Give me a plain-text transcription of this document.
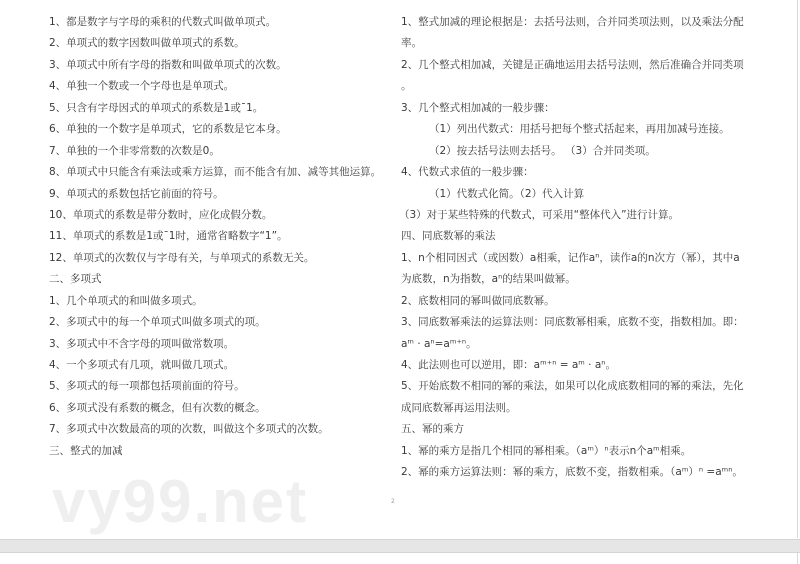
vy99.net
1、都是数字与字母的乘积的代数式叫做单项式。
2、单项式的数字因数叫做单项式的系数。
3、单项式中所有字母的指数和叫做单项式的次数。
4、单独一个数或一个字母也是单项式。
5、只含有字母因式的单项式的系数是1或ˉ1。
6、单独的一个数字是单项式，它的系数是它本身。
7、单独的一个非零常数的次数是0。
8、单项式中只能含有乘法或乘方运算，而不能含有加、减等其他运算。
9、单项式的系数包括它前面的符号。
10、单项式的系数是带分数时，应化成假分数。
11、单项式的系数是1或ˉ1时，通常省略数字“1”。
12、单项式的次数仅与字母有关，与单项式的系数无关。
二、多项式
1、几个单项式的和叫做多项式。
2、多项式中的每一个单项式叫做多项式的项。
3、多项式中不含字母的项叫做常数项。
4、一个多项式有几项，就叫做几项式。
5、多项式的每一项都包括项前面的符号。
6、多项式没有系数的概念，但有次数的概念。
7、多项式中次数最高的项的次数，叫做这个多项式的次数。
三、整式的加减
1、整式加减的理论根据是：去括号法则，合并同类项法则，以及乘法分配
率。
2、几个整式相加减，关键是正确地运用去括号法则，然后准确合并同类项
。
3、几个整式相加减的一般步骤：
（1）列出代数式：用括号把每个整式括起来，再用加减号连接。
（2）按去括号法则去括号。 （3）合并同类项。
4、代数式求值的一般步骤：
（1）代数式化简。（2）代入计算
（3）对于某些特殊的代数式，可采用“整体代入”进行计算。
四、同底数幂的乘法
1、n个相同因式（或因数）a相乘，记作aⁿ，读作a的n次方（幂），其中a
为底数，n为指数，aⁿ的结果叫做幂。
2、底数相同的幂叫做同底数幂。
3、同底数幂乘法的运算法则：同底数幂相乘，底数不变，指数相加。即：
aᵐ · aⁿ=aᵐ⁺ⁿ。
4、此法则也可以逆用，即：aᵐ⁺ⁿ = aᵐ · aⁿ。
5、开始底数不相同的幂的乘法，如果可以化成底数相同的幂的乘法，先化
成同底数幂再运用法则。
五、幂的乘方
1、幂的乘方是指几个相同的幂相乘。（aᵐ）ⁿ表示n个aᵐ相乘。
2、幂的乘方运算法则：幂的乘方，底数不变，指数相乘。（aᵐ）ⁿ =aᵐⁿ。
2
